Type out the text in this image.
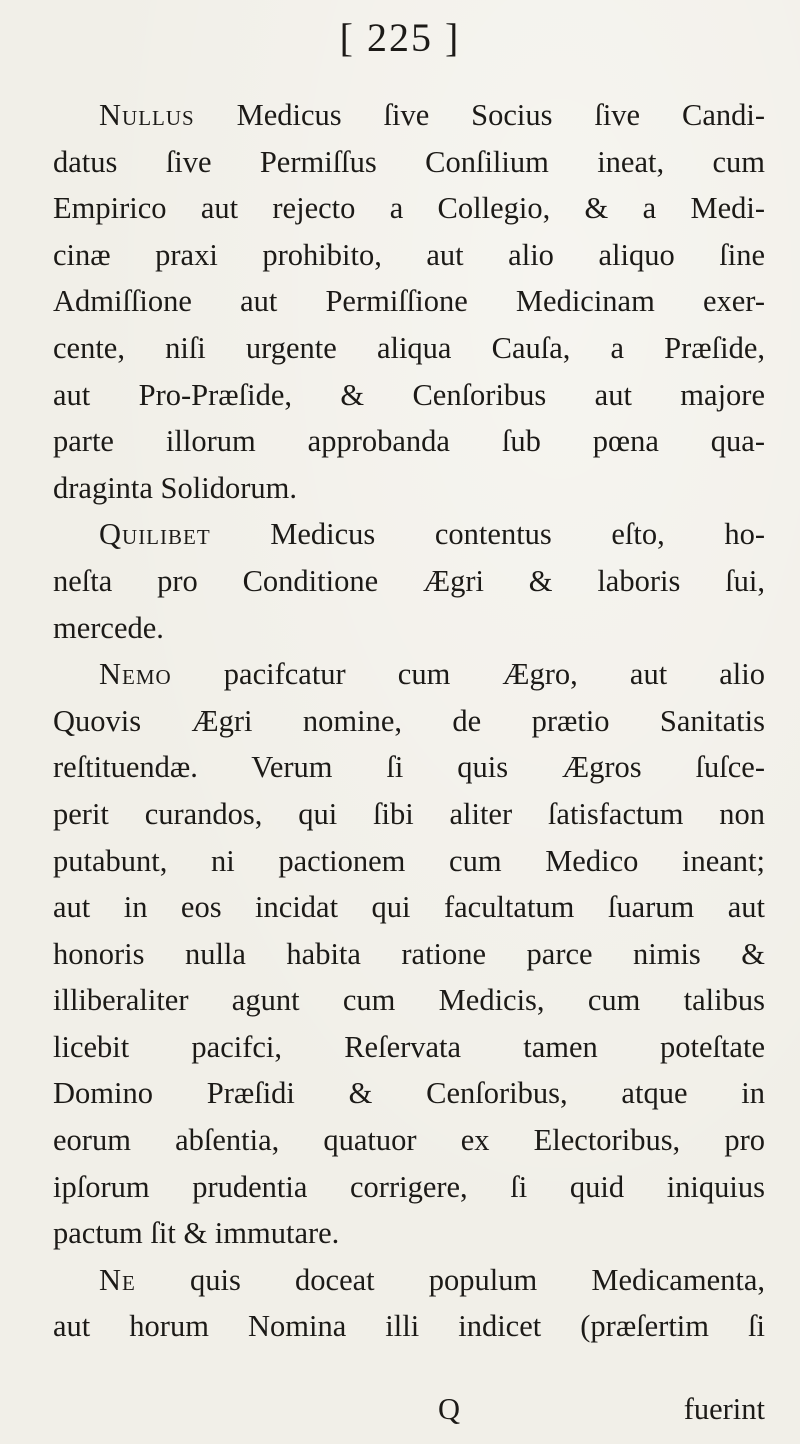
[ 225 ]
Nullus Medicus ſive Socius ſive Candi-
datus ſive Permiſſus Conſilium ineat, cum
Empirico aut rejecto a Collegio, & a Medi-
cinæ praxi prohibito, aut alio aliquo ſine
Admiſſione aut Permiſſione Medicinam exer-
cente, niſi urgente aliqua Cauſa, a Præſide,
aut Pro-Præſide, & Cenſoribus aut majore
parte illorum approbanda ſub pœna qua-
draginta Solidorum.
Quilibet Medicus contentus eſto, ho-
neſta pro Conditione Ægri & laboris ſui,
mercede.
Nemo pacifcatur cum Ægro, aut alio
Quovis Ægri nomine, de prætio Sanitatis
reſtituendæ. Verum ſi quis Ægros ſuſce-
perit curandos, qui ſibi aliter ſatisfactum non
putabunt, ni pactionem cum Medico ineant;
aut in eos incidat qui facultatum ſuarum aut
honoris nulla habita ratione parce nimis &
illiberaliter agunt cum Medicis, cum talibus
licebit pacifci, Reſervata tamen poteſtate
Domino Præſidi & Cenſoribus, atque in
eorum abſentia, quatuor ex Electoribus, pro
ipſorum prudentia corrigere, ſi quid iniquius
pactum ſit & immutare.
Ne quis doceat populum Medicamenta,
aut horum Nomina illi indicet (præſertim ſi
Q	fuerint
